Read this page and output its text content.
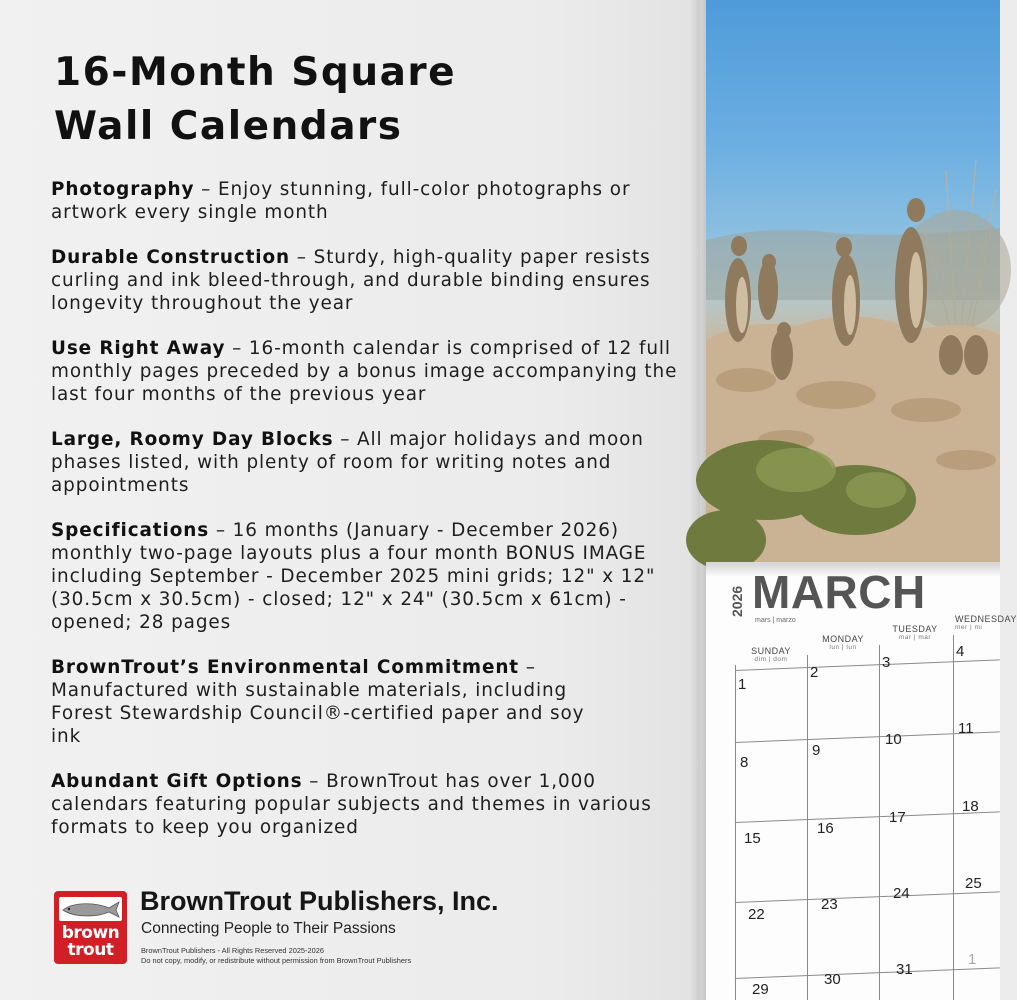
16-Month Square
Wall Calendars

Photography – Enjoy stunning, full-color photographs or artwork every single month

Durable Construction – Sturdy, high-quality paper resists curling and ink bleed-through, and durable binding ensures longevity throughout the year

Use Right Away – 16-month calendar is comprised of 12 full monthly pages preceded by a bonus image accompanying the last four months of the previous year

Large, Roomy Day Blocks – All major holidays and moon phases listed, with plenty of room for writing notes and appointments

Specifications – 16 months (January - December 2026) monthly two-page layouts plus a four month BONUS IMAGE including September - December 2025 mini grids; 12" x 12" (30.5cm x 30.5cm) - closed; 12" x 24" (30.5cm x 61cm) - opened; 28 pages

BrownTrout’s Environmental Commitment – Manufactured with sustainable materials, including Forest Stewardship Council®-certified paper and soy ink

Abundant Gift Options – BrownTrout has over 1,000 calendars featuring popular subjects and themes in various formats to keep you organized

brown
trout
BrownTrout Publishers, Inc.
Connecting People to Their Passions
BrownTrout Publishers - All Rights Reserved 2025-2026
Do not copy, modify, or redistribute without permission from BrownTrout Publishers
2026 MARCH
mars | marzo
SUNDAY
dim | dom
MONDAY
lun | lun
TUESDAY
mar | mar
WEDNESDAY
mer | mi
1
2
3
4
8
9
10
11
15
16
17
18
22
23
24
25
29
30
31
1
